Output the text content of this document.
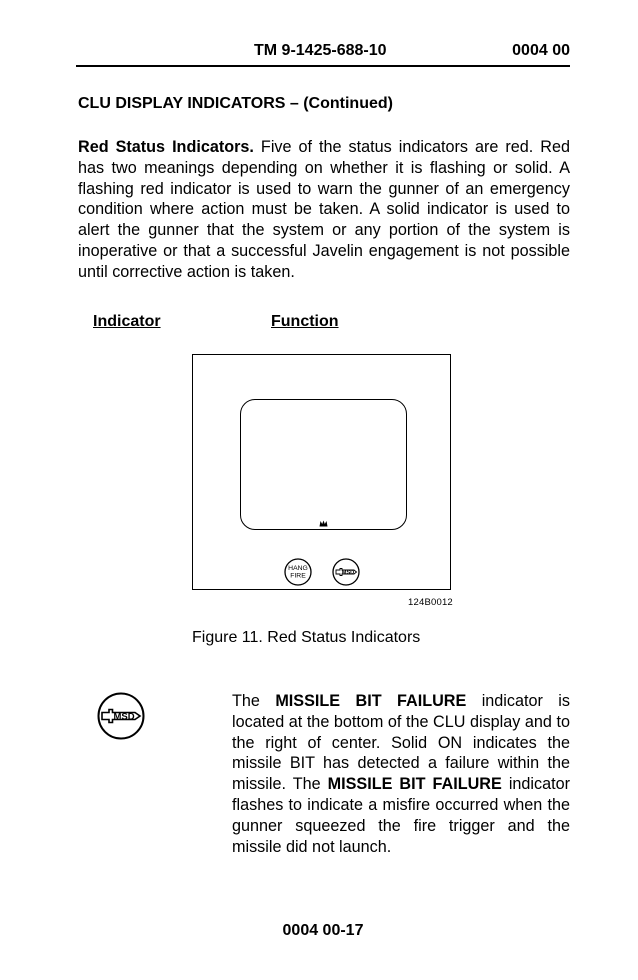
TM 9-1425-688-10	0004 00
CLU DISPLAY INDICATORS – (Continued)

Red Status Indicators. Five of the status indicators are red. Red has two meanings depending on whether it is flashing or solid. A flashing red indicator is used to warn the gunner of an emergency condition where action must be taken. A solid indicator is used to alert the gunner that the system or any portion of the system is inoperative or that a successful Javelin engagement is not possible until corrective action is taken.

Indicator	Function
HANG
FIRE	MSD
124B0012
Figure 11. Red Status Indicators
MSD

The MISSILE BIT FAILURE indicator is located at the bottom of the CLU display and to the right of center. Solid ON indicates the missile BIT has detected a failure within the missile. The MISSILE BIT FAILURE indicator flashes to indicate a misfire occurred when the gunner squeezed the fire trigger and the missile did not launch.

0004 00-17
